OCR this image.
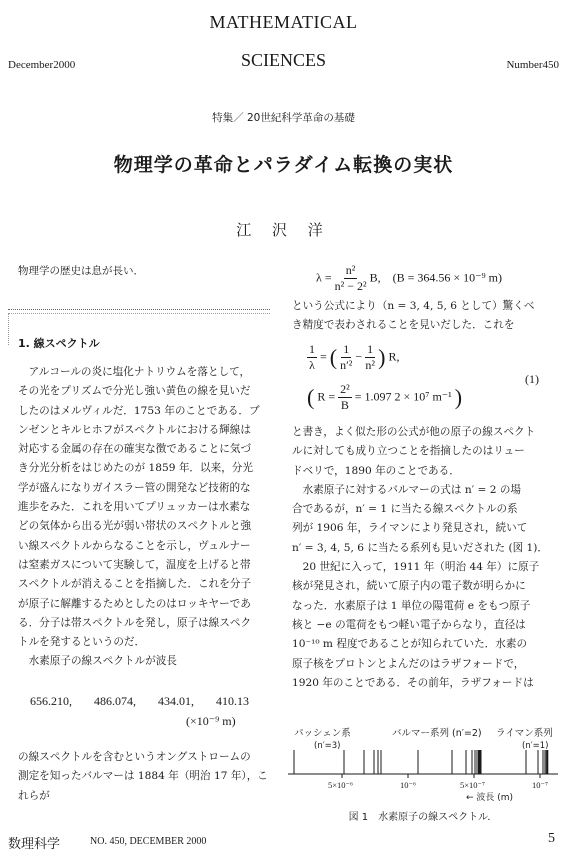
MATHEMATICAL
SCIENCES
December2000	Number450
特集／ 20世紀科学革命の基礎
物理学の革命とパラダイム転換の実状
江 沢 洋
物理学の歴史は息が長い．
1. 線スペクトル

　アルコールの炎に塩化ナトリウムを落として，

その光をプリズムで分光し強い黄色の線を見いだ

したのはメルヴィルだ．1753 年のことである．ブ

ンゼンとキルヒホフがスペクトルにおける輝線は

対応する金属の存在の確実な徴であることに気づ

き分光分析をはじめたのが 1859 年．以来，分光

学が盛んになりガイスラー管の開発など技術的な

進歩をみた．これを用いてプリュッカーは水素な

どの気体から出る光が弱い帯状のスペクトルと強

い線スペクトルからなることを示し，ヴュルナー

は窒素ガスについて実験して，温度を上げると帯

スペクトルが消えることを指摘した．これを分子

が原子に解離するためとしたのはロッキヤーであ

る．分子は帯スペクトルを発し，原子は線スペク

トルを発するというのだ．

　水素原子の線スペクトルが波長

656.210, 486.074, 434.01, 410.13
(×10⁻⁹ m)

の線スペクトルを含むというオングストロームの

測定を知ったバルマーは 1884 年（明治 17 年），こ

れらが

$\lambda = \frac{\text{n²}}{\text{n² − 2²}} B$, (B = 364.56 × 10⁻⁹ m)

という公式により（n = 3, 4, 5, 6 として）驚くべ

き精度で表わされることを見いだした．これを

$\frac{1}{\lambda}$ = ( $\frac{1}{\text{n′²}} - \frac{1}{\text{n²}}$ ) R,
( $R = \frac{\text{2²}}{B} = 1.097$ 2 × 10⁷ m⁻¹ )
(1)

と書き，よく似た形の公式が他の原子の線スペクト

ルに対しても成り立つことを指摘したのはリュー

ドベリで，1890 年のことである．

　水素原子に対するバルマーの式は n′ = 2 の場

合であるが，n′ = 1 に当たる線スペクトルの系

列が 1906 年，ライマンにより発見され，続いて

n′ = 3, 4, 5, 6 に当たる系列も見いだされた (図 1)．

　20 世紀に入って，1911 年（明治 44 年）に原子

核が発見され，続いて原子内の電子数が明らかに

なった．水素原子は 1 単位の陽電荷 e をもつ原子

核と −e の電荷をもつ軽い電子からなり，直径は

10⁻¹⁰ m 程度であることが知られていた．水素の

原子核をプロトンとよんだのはラザフォードで，

1920 年のことである．その前年，ラザフォードは

パッシェン系
(n′=3)
バルマー系列 (n′=2) ライマン系列
(n′=1)
5×10⁻⁶	10⁻⁶	5×10⁻⁷	10⁻⁷
← 波長 (m)
図 1　水素原子の線スペクトル．
数理科学	NO. 450, DECEMBER 2000	5
